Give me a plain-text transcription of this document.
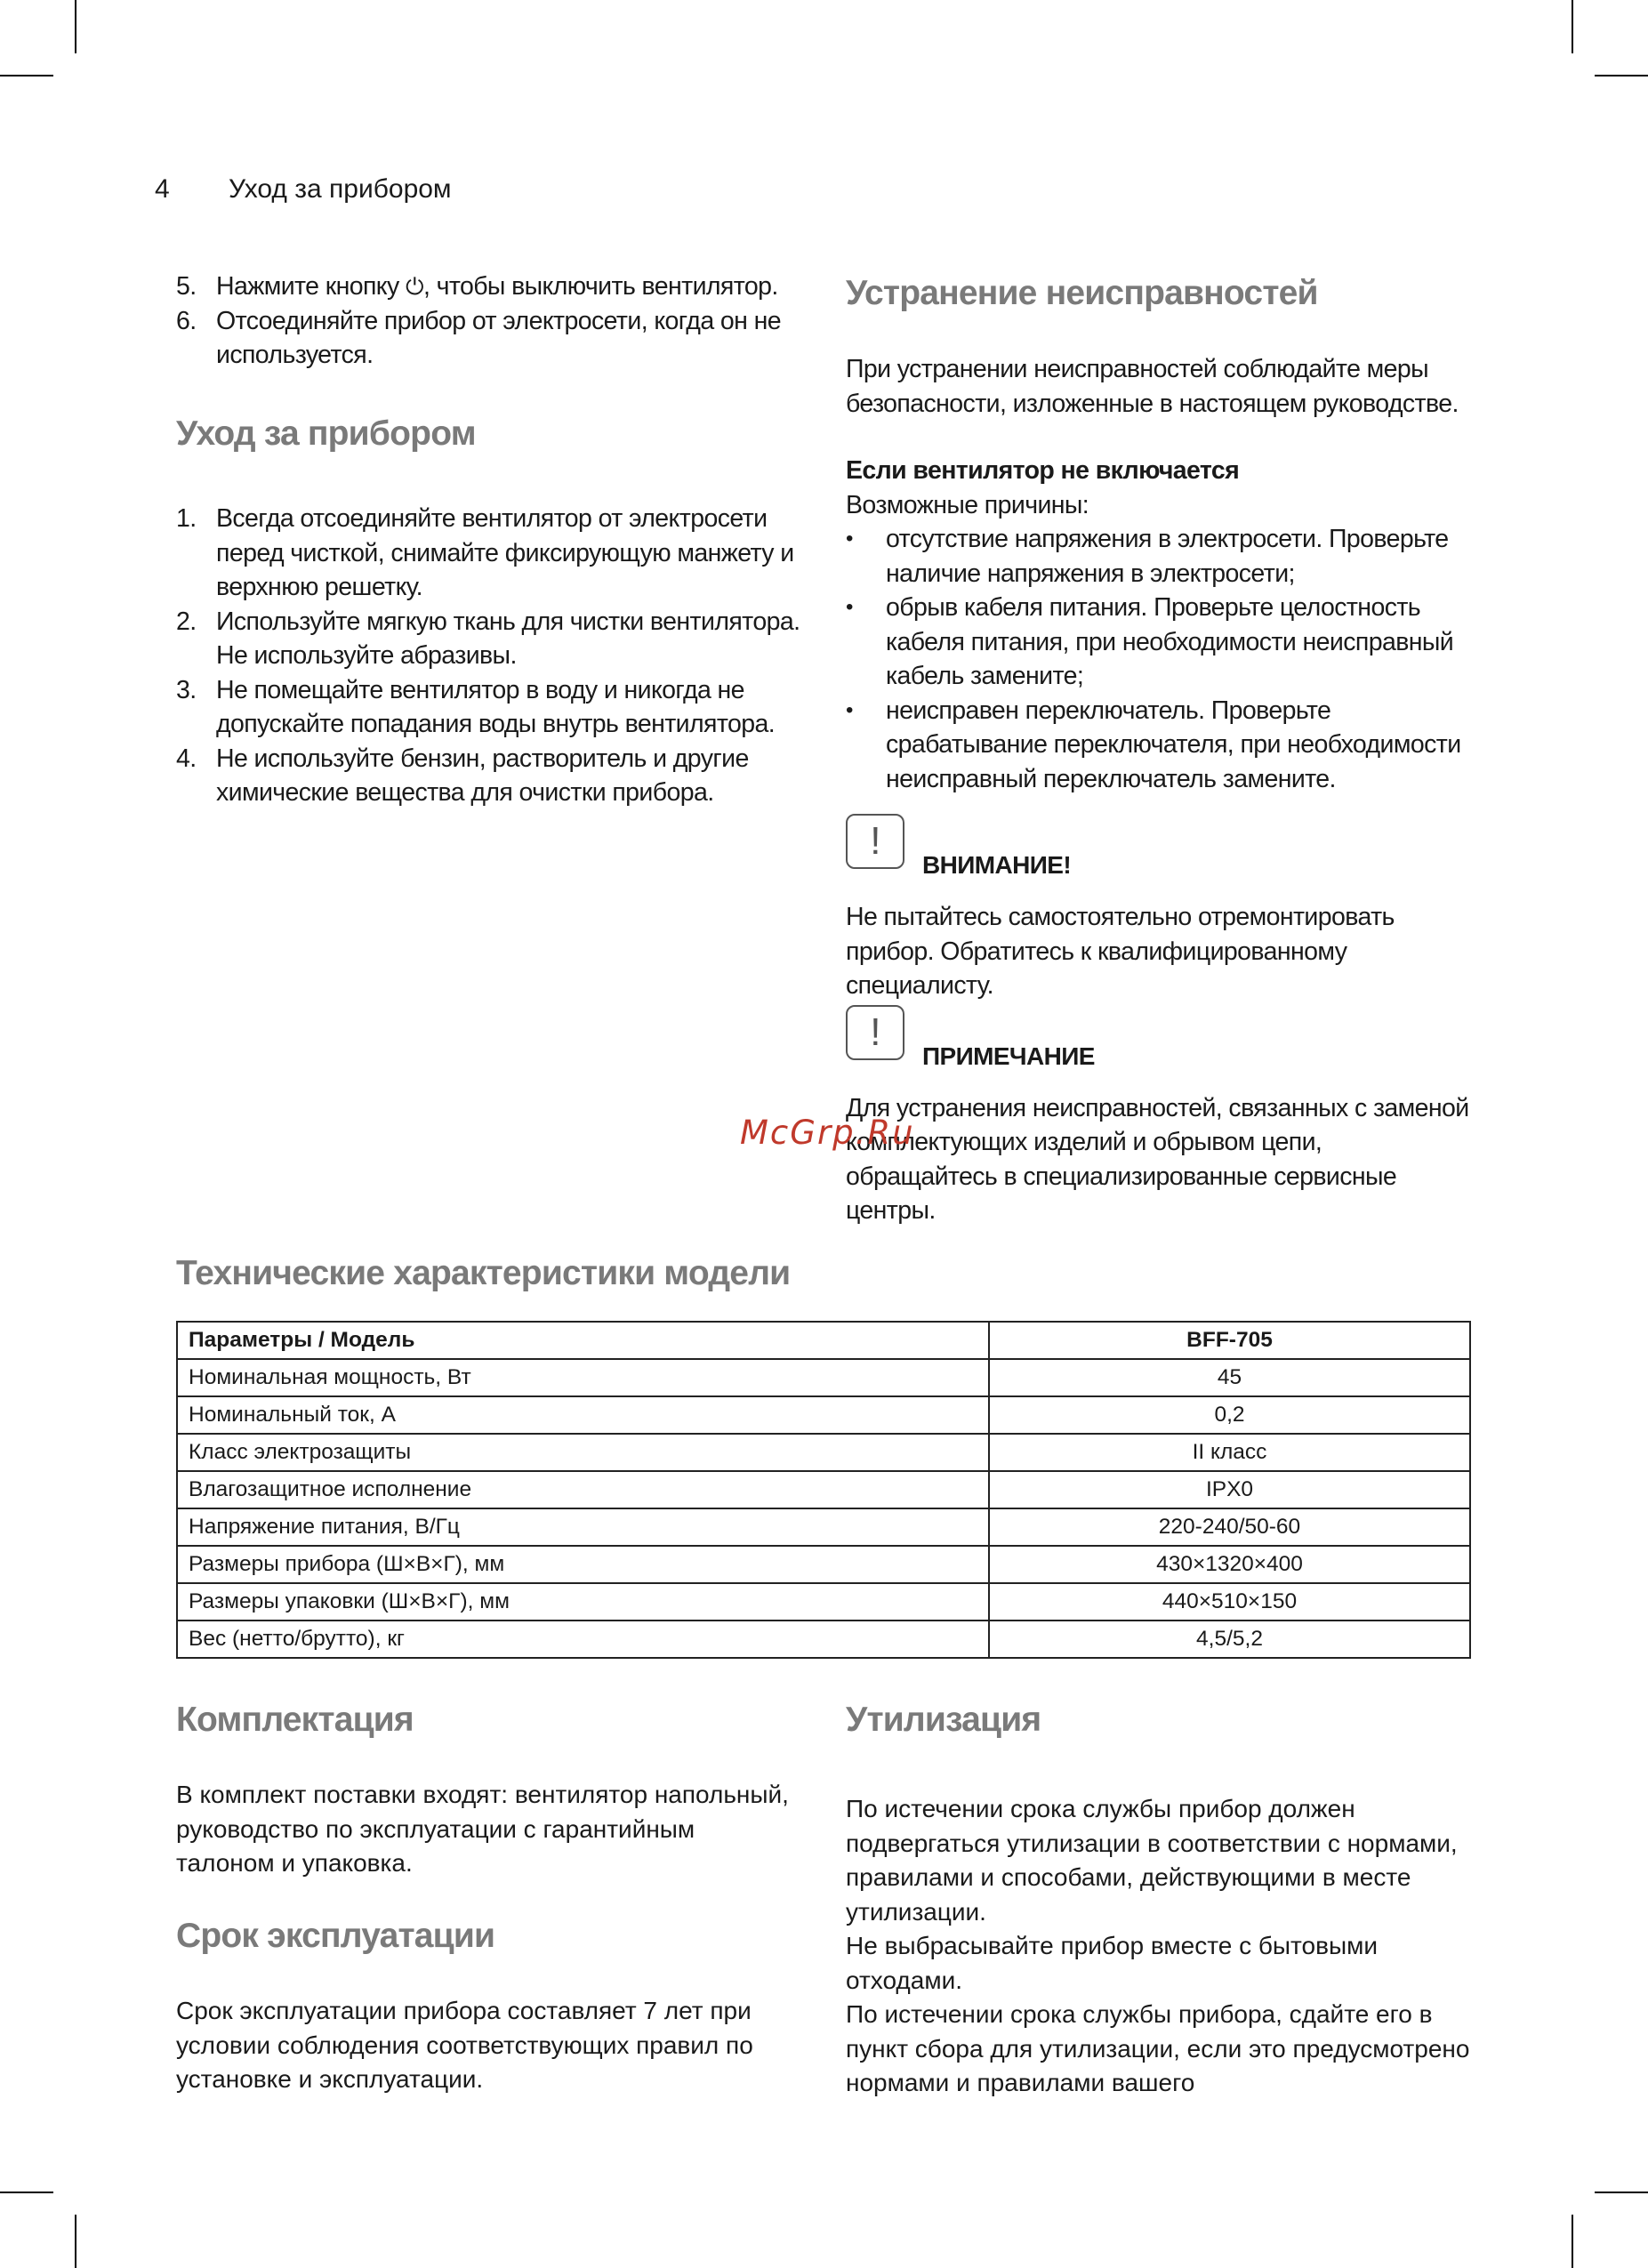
4 Уход за прибором
5. Нажмите кнопку ⏻, чтобы выключить вентилятор.
6. Отсоединяйте прибор от электросети, когда он не используется.
Уход за прибором
1. Всегда отсоединяйте вентилятор от электросети перед чисткой, снимайте фиксирующую манжету и верхнюю решетку.
2. Используйте мягкую ткань для чистки вентилятора. Не используйте абразивы.
3. Не помещайте вентилятор в воду и никогда не допускайте попадания воды внутрь вентилятора.
4. Не используйте бензин, растворитель и другие химические вещества для очистки прибора.
Устранение неисправностей
При устранении неисправностей соблюдайте меры безопасности, изложенные в настоящем руководстве.
Если вентилятор не включается
Возможные причины:
• отсутствие напряжения в электросети. Проверьте наличие напряжения в электросети;
• обрыв кабеля питания. Проверьте целостность кабеля питания, при необходимости неисправный кабель замените;
• неисправен переключатель. Проверьте срабатывание переключателя, при необходимости неисправный переключатель замените.
!
ВНИМАНИЕ!
Не пытайтесь самостоятельно отремонтировать прибор. Обратитесь к квалифицированному специалисту.
!
ПРИМЕЧАНИЕ
Для устранения неисправностей, связанных с заменой комплектующих изделий и обрывом цепи, обращайтесь в специализированные сервисные центры.
McGrp.Ru
Технические характеристики модели
Параметры / Модель	BFF-705
Номинальная мощность, Вт	45
Номинальный ток, А	0,2
Класс электрозащиты	II класс
Влагозащитное исполнение	IPX0
Напряжение питания, В/Гц	220-240/50-60
Размеры прибора (Ш×В×Г), мм	430×1320×400
Размеры упаковки (Ш×В×Г), мм	440×510×150
Вес (нетто/брутто), кг	4,5/5,2
Комплектация
В комплект поставки входят: вентилятор напольный, руководство по эксплуатации с гарантийным талоном и упаковка.
Срок эксплуатации
Срок эксплуатации прибора составляет 7 лет при условии соблюдения соответствующих правил по установке и эксплуатации.
Утилизация
По истечении срока службы прибор должен подвергаться утилизации в соответствии с нормами, правилами и способами, действующими в месте утилизации.
Не выбрасывайте прибор вместе с бытовыми отходами.
По истечении срока службы прибора, сдайте его в пункт сбора для утилизации, если это предусмотрено нормами и правилами вашего
